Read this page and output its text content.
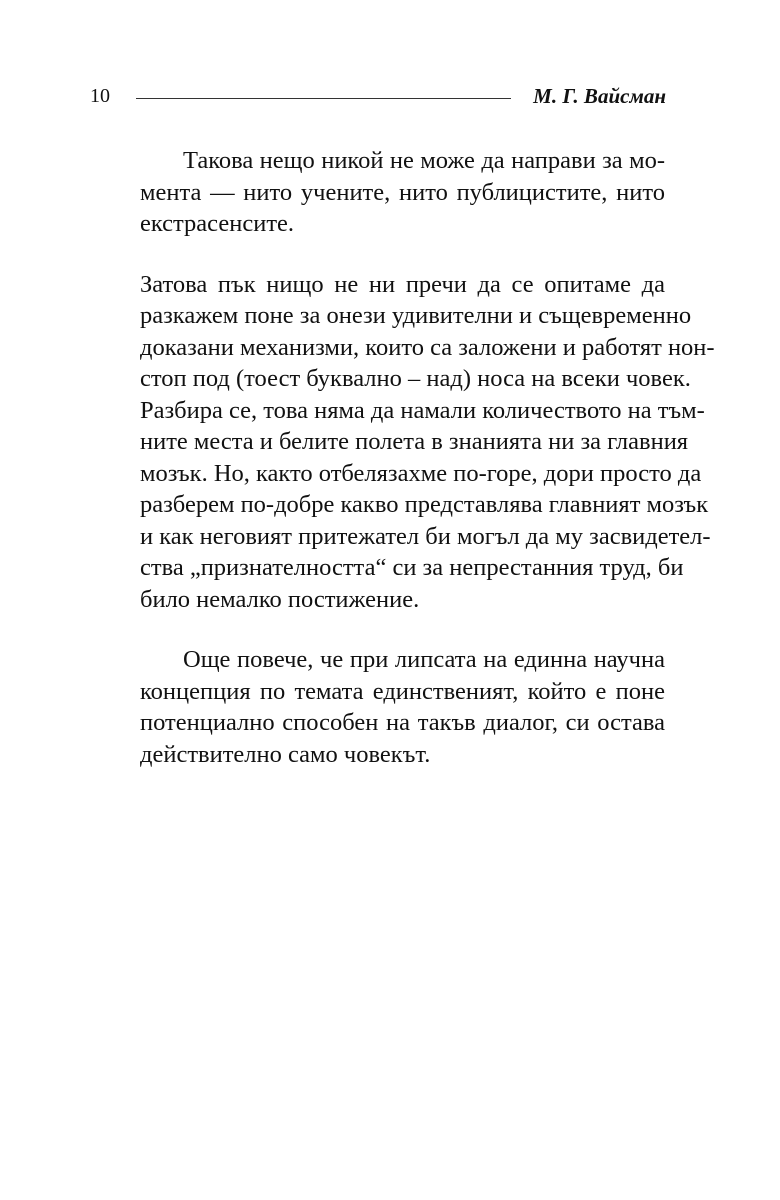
10	М. Г. Вайсман

Такова нещо никой не може да направи за мо-
мента — нито учените, нито публицистите, нито
екстрасенсите.

Затова пък нищо не ни пречи да се опитаме да
разкажем поне за онези удивителни и същевременно
доказани механизми, които са заложени и работят нон-
стоп под (тоест буквално – над) носа на всеки човек.
Разбира се, това няма да намали количеството на тъм-
ните места и белите полета в знанията ни за главния
мозък. Но, както отбелязахме по-горе, дори просто да
разберем по-добре какво представлява главният мозък
и как неговият притежател би могъл да му засвидетел-
ства „признателността“ си за непрестанния труд, би
било немалко постижение.

Още повече, че при липсата на единна научна
концепция по темата единственият, който е поне
потенциално способен на такъв диалог, си остава
действително само човекът.
